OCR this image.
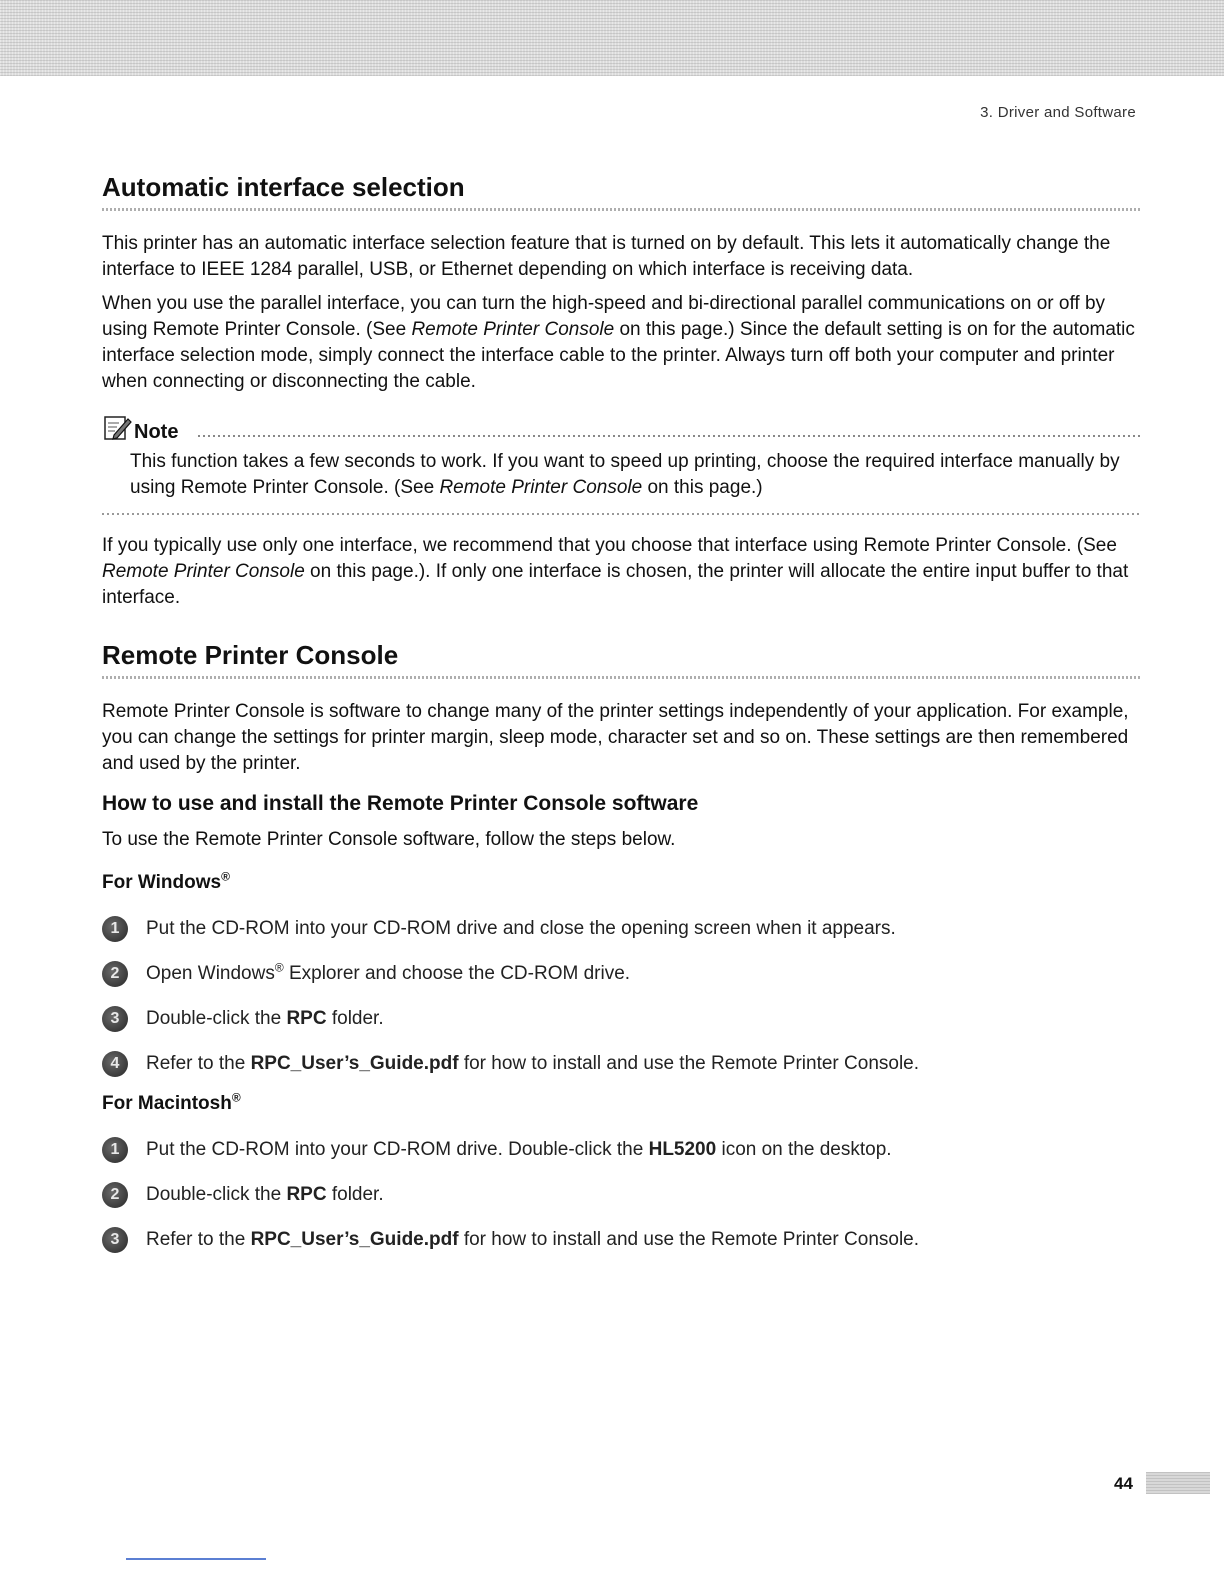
3. Driver and Software
Automatic interface selection

This printer has an automatic interface selection feature that is turned on by default. This lets it automatically change the interface to IEEE 1284 parallel, USB, or Ethernet depending on which interface is receiving data.

When you use the parallel interface, you can turn the high-speed and bi-directional parallel communications on or off by using Remote Printer Console. (See Remote Printer Console on this page.) Since the default setting is on for the automatic interface selection mode, simply connect the interface cable to the printer. Always turn off both your computer and printer when connecting or disconnecting the cable.

Note

This function takes a few seconds to work. If you want to speed up printing, choose the required interface manually by using Remote Printer Console. (See Remote Printer Console on this page.)

If you typically use only one interface, we recommend that you choose that interface using Remote Printer Console. (See Remote Printer Console on this page.). If only one interface is chosen, the printer will allocate the entire input buffer to that interface.

Remote Printer Console

Remote Printer Console is software to change many of the printer settings independently of your application. For example, you can change the settings for printer margin, sleep mode, character set and so on. These settings are then remembered and used by the printer.

How to use and install the Remote Printer Console software

To use the Remote Printer Console software, follow the steps below.

For Windows®
1	Put the CD-ROM into your CD-ROM drive and close the opening screen when it appears.
2	Open Windows® Explorer and choose the CD-ROM drive.
3	Double-click the RPC folder.
4	Refer to the RPC_User’s_Guide.pdf for how to install and use the Remote Printer Console.
For Macintosh®
1	Put the CD-ROM into your CD-ROM drive. Double-click the HL5200 icon on the desktop.
2	Double-click the RPC folder.
3	Refer to the RPC_User’s_Guide.pdf for how to install and use the Remote Printer Console.
44
